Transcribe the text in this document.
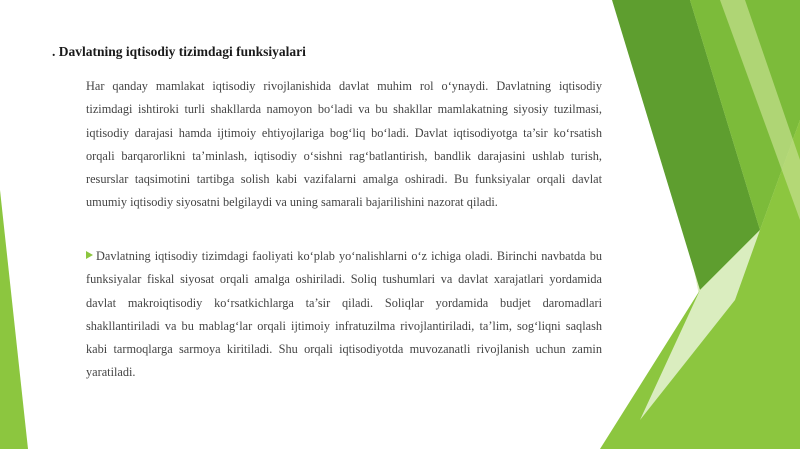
. Davlatning iqtisodiy tizimdagi funksiyalari
Har qanday mamlakat iqtisodiy rivojlanishida davlat muhim rol o‘ynaydi. Davlatning iqtisodiy tizimdagi ishtiroki turli shakllarda namoyon bo‘ladi va bu shakllar mamlakatning siyosiy tuzilmasi, iqtisodiy darajasi hamda ijtimoiy ehtiyojlariga bog‘liq bo‘ladi. Davlat iqtisodiyotga ta’sir ko‘rsatish orqali barqarorlikni ta’minlash, iqtisodiy o‘sishni rag‘batlantirish, bandlik darajasini ushlab turish, resurslar taqsimotini tartibga solish kabi vazifalarni amalga oshiradi. Bu funksiyalar orqali davlat umumiy iqtisodiy siyosatni belgilaydi va uning samarali bajarilishini nazorat qiladi.
Davlatning iqtisodiy tizimdagi faoliyati ko‘plab yo‘nalishlarni o‘z ichiga oladi. Birinchi navbatda bu funksiyalar fiskal siyosat orqali amalga oshiriladi. Soliq tushumlari va davlat xarajatlari yordamida davlat makroiqtisodiy ko‘rsatkichlarga ta’sir qiladi. Soliqlar yordamida budjet daromadlari shakllantiriladi va bu mablag‘lar orqali ijtimoiy infratuzilma rivojlantiriladi, ta’lim, sog‘liqni saqlash kabi tarmoqlarga sarmoya kiritiladi. Shu orqali iqtisodiyotda muvozanatli rivojlanish uchun zamin yaratiladi.
